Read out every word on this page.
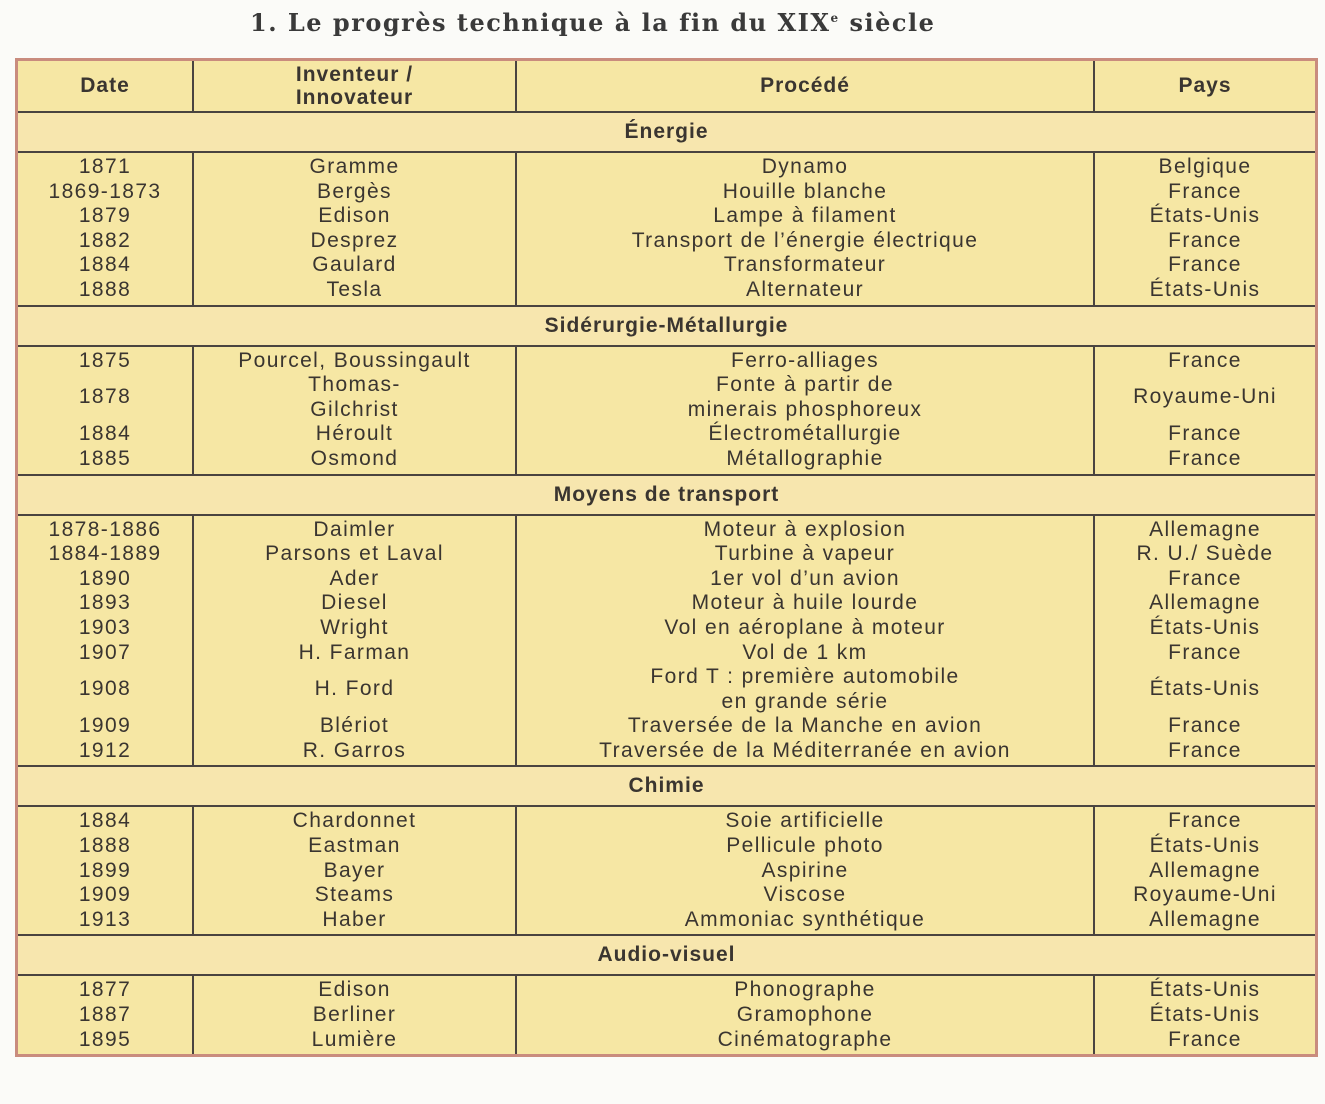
1. Le progrès technique à la fin du XIXe siècle
Date	Inventeur /
Innovateur
Procédé	Pays
Énergie
1871
1869-1873
1879
1882
1884
1888
Gramme
Bergès
Edison
Desprez
Gaulard
Tesla
Dynamo
Houille blanche
Lampe à filament
Transport de l’énergie électrique
Transformateur
Alternateur
Belgique
France
États-Unis
France
France
États-Unis
Sidérurgie-Métallurgie
1875
1878
1884
1885
Pourcel, Boussingault
Thomas-
Gilchrist
Héroult
Osmond
Ferro-alliages
Fonte à partir de
minerais phosphoreux
Électrométallurgie
Métallographie
France
Royaume-Uni
France
France
Moyens de transport
1878-1886
1884-1889
1890
1893
1903
1907
1908
1909
1912
Daimler
Parsons et Laval
Ader
Diesel
Wright
H. Farman
H. Ford
Blériot
R. Garros
Moteur à explosion
Turbine à vapeur
1er vol d’un avion
Moteur à huile lourde
Vol en aéroplane à moteur
Vol de 1 km
Ford T : première automobile
en grande série
Traversée de la Manche en avion
Traversée de la Méditerranée en avion
Allemagne
R. U./ Suède
France
Allemagne
États-Unis
France
États-Unis
France
France
Chimie
1884
1888
1899
1909
1913
Chardonnet
Eastman
Bayer
Steams
Haber
Soie artificielle
Pellicule photo
Aspirine
Viscose
Ammoniac synthétique
France
États-Unis
Allemagne
Royaume-Uni
Allemagne
Audio-visuel
1877
1887
1895
Edison
Berliner
Lumière
Phonographe
Gramophone
Cinématographe
États-Unis
États-Unis
France
